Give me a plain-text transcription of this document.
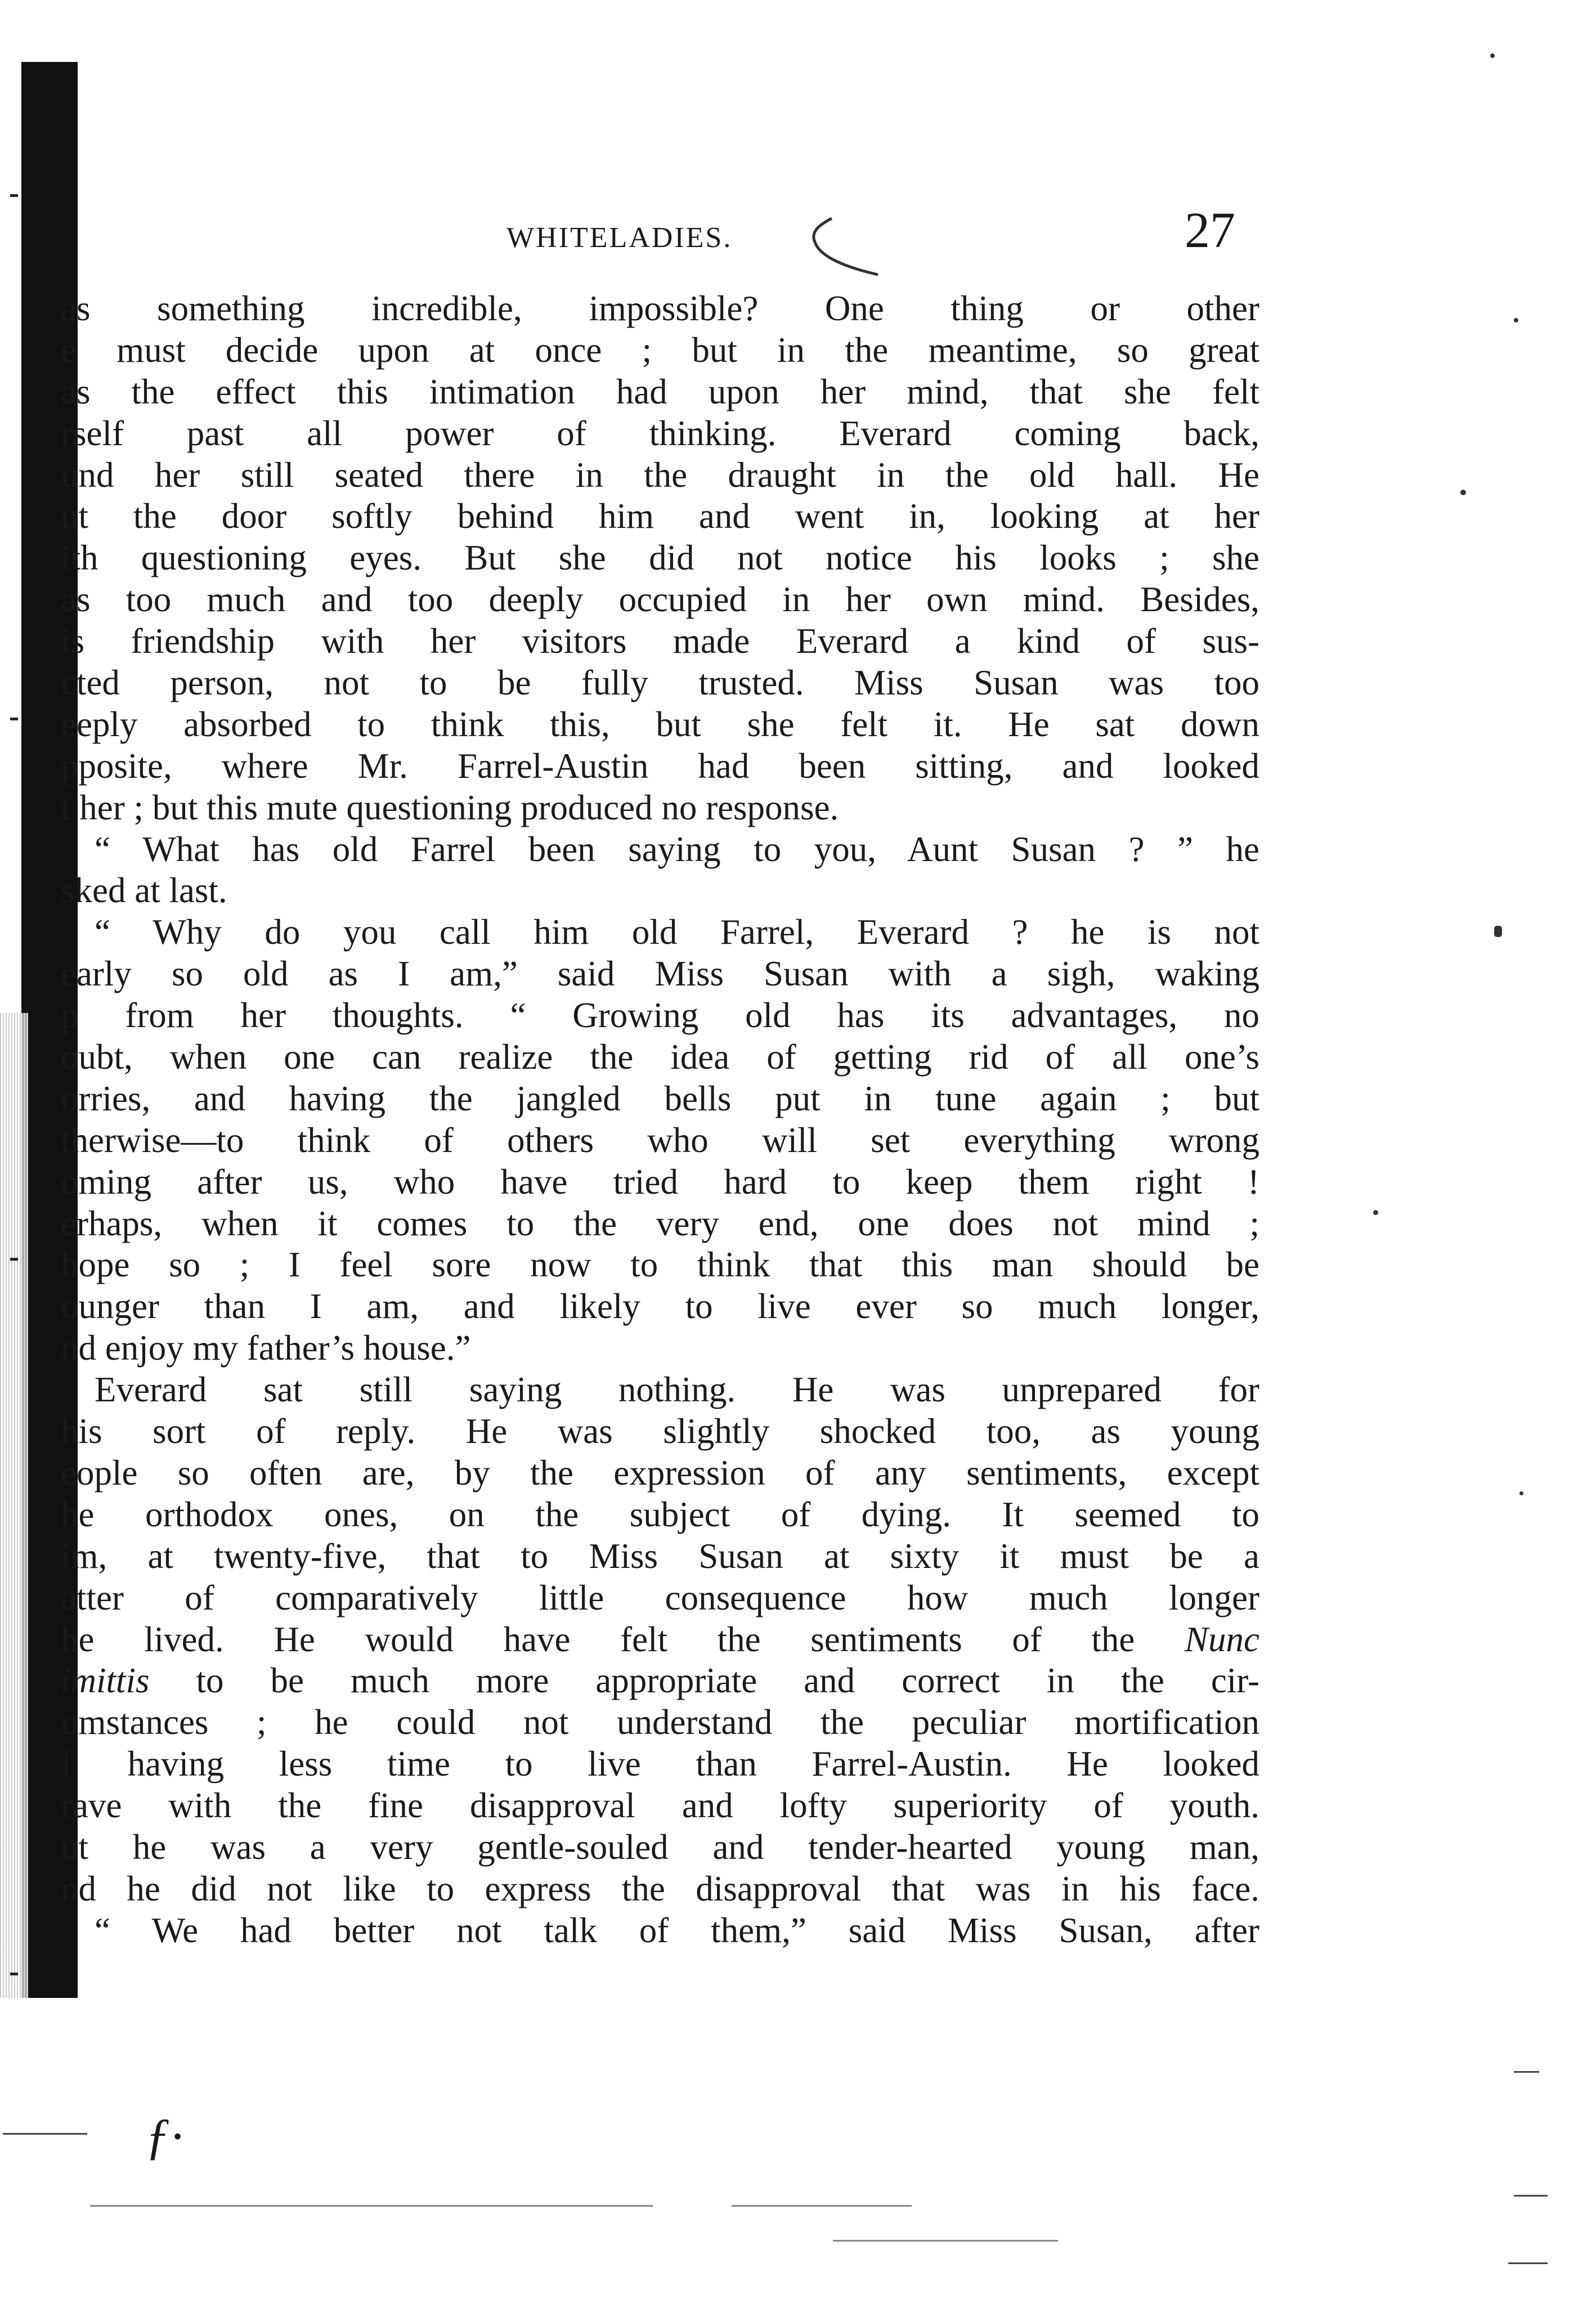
WHITELADIES.	27
as something incredible, impossible? One thing or other
e must decide upon at once ; but in the meantime, so great
as the effect this intimation had upon her mind, that she felt
rself past all power of thinking. Everard coming back,
und her still seated there in the draught in the old hall. He
ut the door softly behind him and went in, looking at her
ith questioning eyes. But she did not notice his looks ; she
as too much and too deeply occupied in her own mind. Besides,
is friendship with her visitors made Everard a kind of sus-
cted person, not to be fully trusted. Miss Susan was too
eeply absorbed to think this, but she felt it. He sat down
pposite, where Mr. Farrel-Austin had been sitting, and looked
t her ; but this mute questioning produced no response.
“ What has old Farrel been saying to you, Aunt Susan ? ” he
sked at last.
“ Why do you call him old Farrel, Everard ? he is not
early so old as I am,” said Miss Susan with a sigh, waking
p from her thoughts. “ Growing old has its advantages, no
oubt, when one can realize the idea of getting rid of all one’s
orries, and having the jangled bells put in tune again ; but
therwise—to think of others who will set everything wrong
oming after us, who have tried hard to keep them right !
erhaps, when it comes to the very end, one does not mind ;
hope so ; I feel sore now to think that this man should be
ounger than I am, and likely to live ever so much longer,
nd enjoy my father’s house.”
Everard sat still saying nothing. He was unprepared for
his sort of reply. He was slightly shocked too, as young
eople so often are, by the expression of any sentiments, except
he orthodox ones, on the subject of dying. It seemed to
im, at twenty-five, that to Miss Susan at sixty it must be a
atter of comparatively little consequence how much longer
he lived. He would have felt the sentiments of the Nunc
imittis to be much more appropriate and correct in the cir-
umstances ; he could not understand the peculiar mortification
f having less time to live than Farrel-Austin. He looked
rave with the fine disapproval and lofty superiority of youth.
ut he was a very gentle-souled and tender-hearted young man,
nd he did not like to express the disapproval that was in his face.
“ We had better not talk of them,” said Miss Susan, after
ƒ·
